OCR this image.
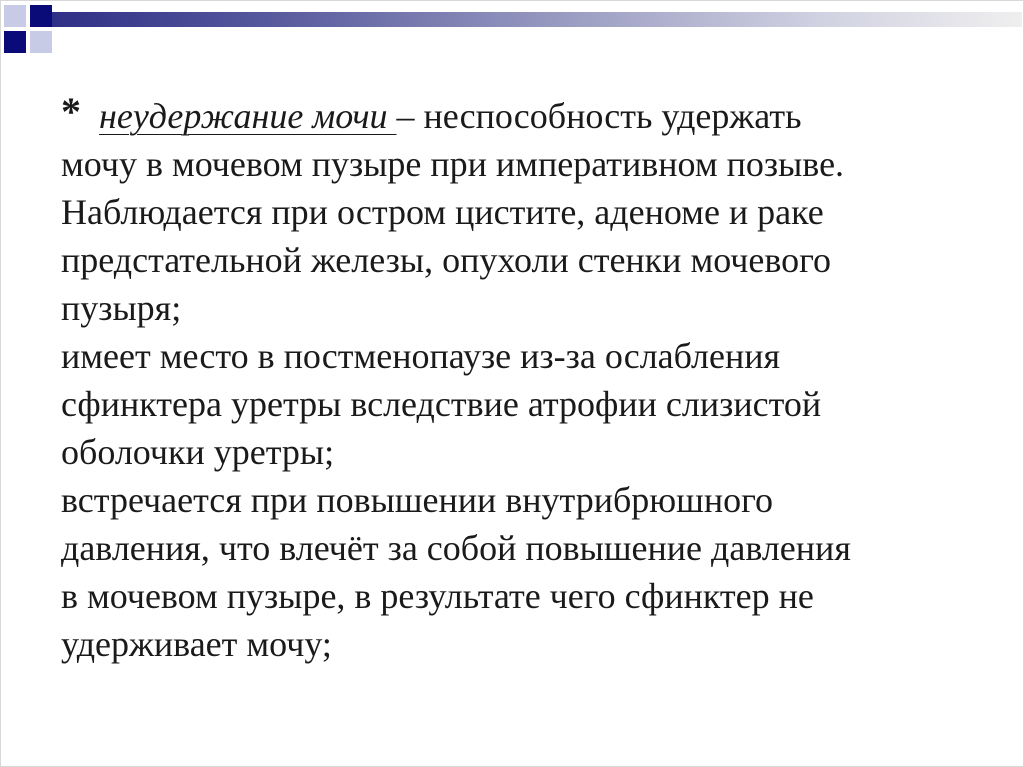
* неудержание мочи – неспособность удержать
мочу в мочевом пузыре при императивном позыве.
Наблюдается при остром цистите, аденоме и раке
предстательной железы, опухоли стенки мочевого
пузыря;
имеет место в постменопаузе из-за ослабления
сфинктера уретры вследствие атрофии слизистой
оболочки уретры;
встречается при повышении внутрибрюшного
давления, что влечёт за собой повышение давления
в мочевом пузыре, в результате чего сфинктер не
удерживает мочу;
